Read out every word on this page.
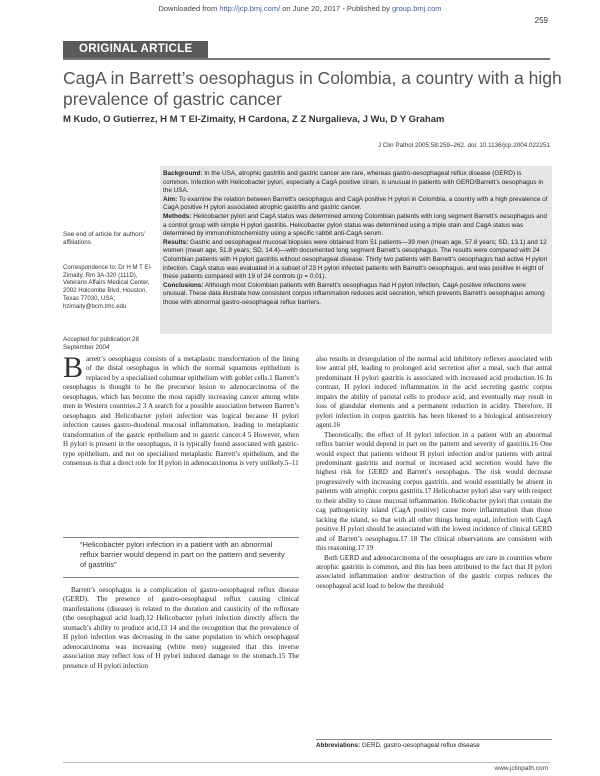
Downloaded from http://jcp.bmj.com/ on June 20, 2017 - Published by group.bmj.com
259
ORIGINAL ARTICLE
CagA in Barrett’s oesophagus in Colombia, a country with a high prevalence of gastric cancer
M Kudo, O Gutierrez, H M T El-Zimaity, H Cardona, Z Z Nurgalieva, J Wu, D Y Graham
J Clin Pathol 2005;58:259–262. doi: 10.1136/jcp.2004.022251
Background: In the USA, atrophic gastritis and gastric cancer are rare, whereas gastro-oesophageal reflux disease (GERD) is common. Infection with Helicobacter pylori, especially a CagA positive strain, is unusual in patients with GERD/Barrett’s oesophagus in the USA.
Aim: To examine the relation between Barrett’s oesophagus and CagA positive H pylori in Colombia, a country with a high prevalence of CagA positive H pylori associated atrophic gastritis and gastric cancer.
Methods: Helicobacter pylori and CagA status was determined among Colombian patients with long segment Barrett’s oesophagus and a control group with simple H pylori gastritis. Helicobacter pylori status was determined using a triple stain and CagA status was determined by immunohistochemistry using a specific rabbit anti-CagA serum.
Results: Gastric and oesophageal mucosal biopsies were obtained from 51 patients—39 men (mean age, 57.8 years; SD, 13.1) and 12 women (mean age, 51.8 years; SD, 14.4)—with documented long segment Barrett’s oesophagus. The results were compared with 24 Colombian patients with H pylori gastritis without oesophageal disease. Thirty two patients with Barrett’s oesophagus had active H pylori infection. CagA status was evaluated in a subset of 23 H pylori infected patients with Barrett’s oesophagus, and was positive in eight of these patients compared with 19 of 24 controls (p = 0.01).
Conclusions: Although most Colombian patients with Barrett’s oesophagus had H pylori infection, CagA positive infections were unusual. These data illustrate how consistent corpus inflammation reduces acid secretion, which prevents Barrett’s oesophagus among those with abnormal gastro-oesophageal reflux barriers.
See end of article for authors’ affiliations
Correspondence to: Dr H M T El-Zimaity, Rm 3A-320 (111D), Veterans Affairs Medical Center, 2002 Holcombe Blvd, Houston, Texas 77030, USA; hzimaity@bcm.tmc.edu
Accepted for publication 28 September 2004

Barrett’s oesophagus consists of a metaplastic transformation of the lining of the distal oesophagus in which the normal squamous epithelium is replaced by a specialised columnar epithelium with goblet cells.1 Barrett’s oesophagus is thought to be the precursor lesion to adenocarcinoma of the oesophagus, which has become the most rapidly increasing cancer among white men in Western countries.2 3 A search for a possible association between Barrett’s oesophagus and Helicobacter pylori infection was logical because H pylori infection causes gastro-duodenal mucosal inflammation, leading to metaplastic transformation of the gastric epithelium and to gastric cancer.4 5 However, when H pylori is present in the oesophagus, it is typically found associated with gastric-type epithelium, and not on specialised metaplastic Barrett’s epithelium, and the consensus is that a direct role for H pylori in adenocarcinoma is very unlikely.5–11

“Helicobacter pylori infection in a patient with an abnormal reflux barrier would depend in part on the pattern and severity of gastritis”

Barrett’s oesophagus is a complication of gastro-oesophageal reflux disease (GERD). The presence of gastro-oesophageal reflux causing clinical manifestations (disease) is related to the duration and causticity of the refluxate (the oesophageal acid load).12 Helicobacter pylori infection directly affects the stomach’s ability to produce acid,13 14 and the recognition that the prevalence of H pylori infection was decreasing in the same population in which oesophageal adenocarcinoma was increasing (white men) suggested that this inverse association may reflect loss of H pylori induced damage to the stomach.15 The presence of H pylori infection

also results in dysregulation of the normal acid inhibitory reflexes associated with low antral pH, leading to prolonged acid secretion after a meal, such that antral predominant H pylori gastritis is associated with increased acid production.16 In contrast, H pylori induced inflammation in the acid secreting gastric corpus impairs the ability of parietal cells to produce acid, and eventually may result in loss of glandular elements and a permanent reduction in acidity. Therefore, H pylori infection in corpus gastritis has been likened to a biological antisecretory agent.16

Theoretically, the effect of H pylori infection in a patient with an abnormal reflux barrier would depend in part on the pattern and severity of gastritis.16 One would expect that patients without H pylori infection and/or patients with antral predominant gastritis and normal or increased acid secretion would have the highest risk for GERD and Barrett’s oesophagus. The risk would decrease progressively with increasing corpus gastritis, and would essentially be absent in patients with atrophic corpus gastritis.17 Helicobacter pylori also vary with respect to their ability to cause mucosal inflammation. Helicobacter pylori that contain the cag pathogenicity island (CagA positive) cause more inflammation than those lacking the island, so that with all other things being equal, infection with CagA positive H pylori should be associated with the lowest incidence of clinical GERD and of Barrett’s oesophagus.17 18 The clinical observations are consistent with this reasoning.17 19

Both GERD and adenocarcinoma of the oesophagus are rare in countries where atrophic gastritis is common, and this has been attributed to the fact that H pylori associated inflammation and/or destruction of the gastric corpus reduces the oesophageal acid load to below the threshold

Abbreviations: GERD, gastro-oesophageal reflux disease
www.jclinpath.com
